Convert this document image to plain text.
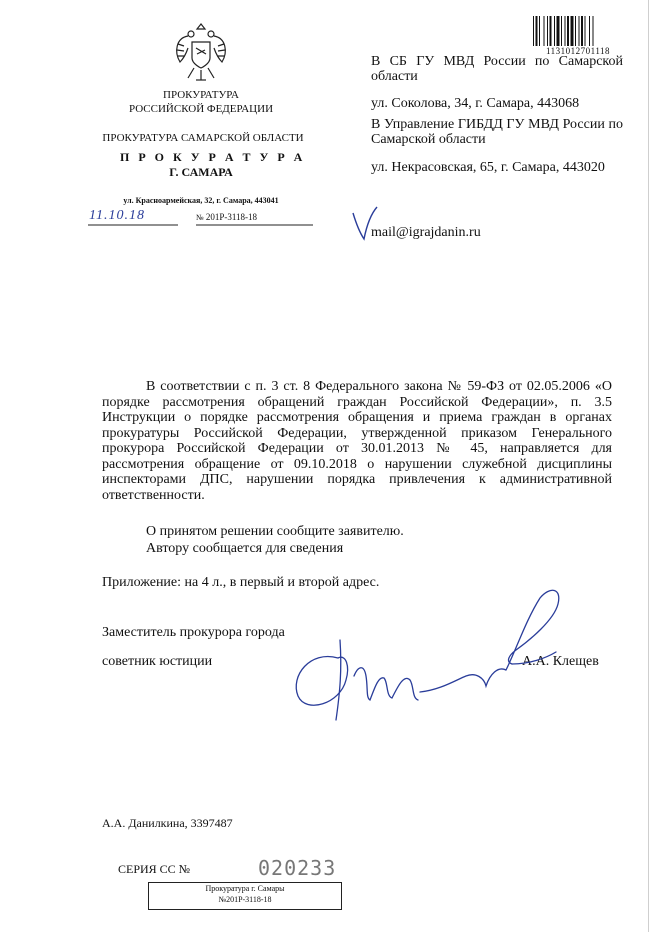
ПРОКУРАТУРА
РОССИЙСКОЙ ФЕДЕРАЦИИ
ПРОКУРАТУРА САМАРСКОЙ ОБЛАСТИ
П Р О К У Р А Т У Р А
Г. САМАРА
ул. Красноармейская, 32, г. Самара, 443041
11.10.18	№ 201Р-3118-18
1131012701118
В СБ ГУ МВД России по Самарской области
ул. Соколова, 34, г. Самара, 443068
В Управление ГИБДД ГУ МВД России по Самарской области
ул. Некрасовская, 65, г. Самара, 443020
mail@igrajdanin.ru
В соответствии с п. 3 ст. 8 Федерального закона № 59-ФЗ от 02.05.2006 «О порядке рассмотрения обращений граждан Российской Федерации», п. 3.5 Инструкции о порядке рассмотрения обращения и приема граждан в органах прокуратуры Российской Федерации, утвержденной приказом Генерального прокурора Российской Федерации от 30.01.2013 № 45, направляется для рассмотрения обращение от 09.10.2018 о нарушении служебной дисциплины инспекторами ДПС, нарушении порядка привлечения к административной ответственности.
О принятом решении сообщите заявителю.
Автору сообщается для сведения
Приложение: на 4 л., в первый и второй адрес.
Заместитель прокурора города
советник юстиции	А.А. Клещев
А.А. Данилкина, 3397487
СЕРИЯ СС №	020233
Прокуратура г. Самары
№201Р-3118-18
